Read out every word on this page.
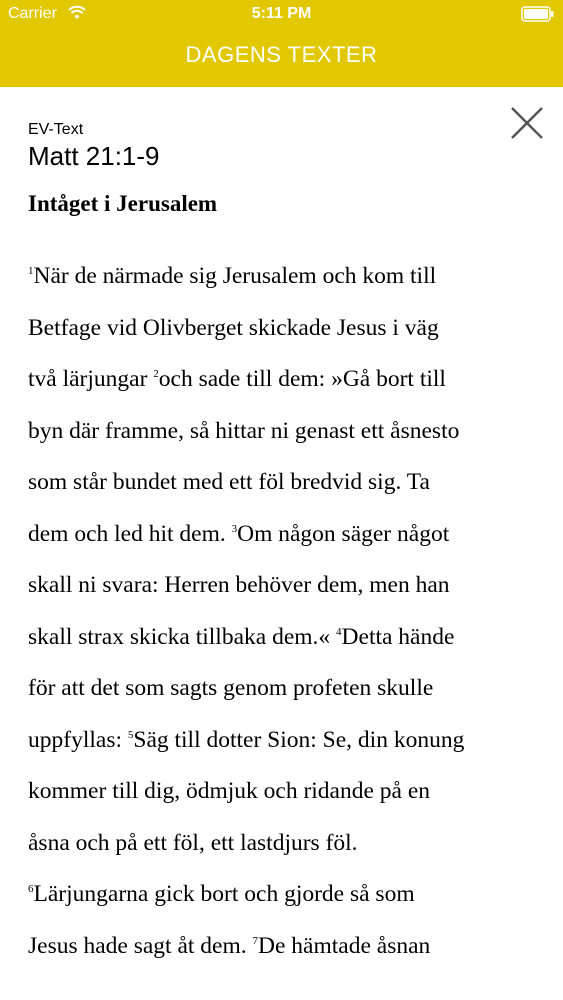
Carrier	5:11 PM
DAGENS TEXTER
EV-Text
Matt 21:1-9
Intåget i Jerusalem
$^1$När de närmade sig Jerusalem och kom till
Betfage vid Olivberget skickade Jesus i väg
två lärjungar $^2$och sade till dem: »Gå bort till
byn där framme, så hittar ni genast ett åsnesto
som står bundet med ett föl bredvid sig. Ta
dem och led hit dem. $^3$Om någon säger något
skall ni svara: Herren behöver dem, men han
skall strax skicka tillbaka dem.« $^4$Detta hände
för att det som sagts genom profeten skulle
uppfyllas: $^5$Säg till dotter Sion: Se, din konung
kommer till dig, ödmjuk och ridande på en
åsna och på ett föl, ett lastdjurs föl.
$^6$Lärjungarna gick bort och gjorde så som
Jesus hade sagt åt dem. $^7$De hämtade åsnan
